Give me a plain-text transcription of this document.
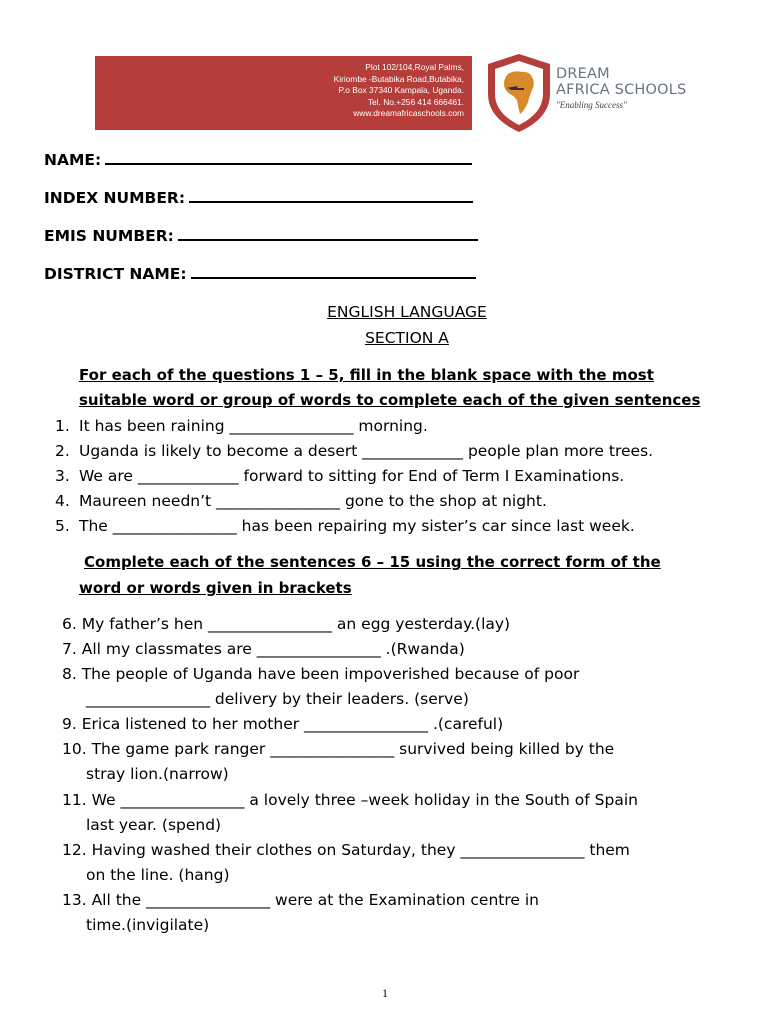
Plot 102/104,Royal Palms,
Kiriombe -Butabika Road,Butabika,
P.o Box 37340 Kampala, Uganda.
Tel. No.+256 414 666461.
www.dreamafricaschools.com
DREAM
AFRICA SCHOOLS
"Enabling Success"
NAME:
INDEX NUMBER:
EMIS NUMBER:
DISTRICT NAME:
ENGLISH LANGUAGE
SECTION A
For each of the questions 1 – 5, fill in the blank space with the most
suitable word or group of words to complete each of the given sentences
1. It has been raining ________________ morning.
2. Uganda is likely to become a desert _____________ people plan more trees.
3. We are _____________ forward to sitting for End of Term I Examinations.
4. Maureen needn’t ________________ gone to the shop at night.
5. The ________________ has been repairing my sister’s car since last week.
Complete each of the sentences 6 – 15 using the correct form of the
word or words given in brackets
6. My father’s hen ________________ an egg yesterday.(lay)
7. All my classmates are ________________ .(Rwanda)
8. The people of Uganda have been impoverished because of poor
________________ delivery by their leaders. (serve)
9. Erica listened to her mother ________________ .(careful)
10. The game park ranger ________________ survived being killed by the
stray lion.(narrow)
11. We ________________ a lovely three –week holiday in the South of Spain
last year. (spend)
12. Having washed their clothes on Saturday, they ________________ them
on the line. (hang)
13. All the ________________ were at the Examination centre in
time.(invigilate)
1
